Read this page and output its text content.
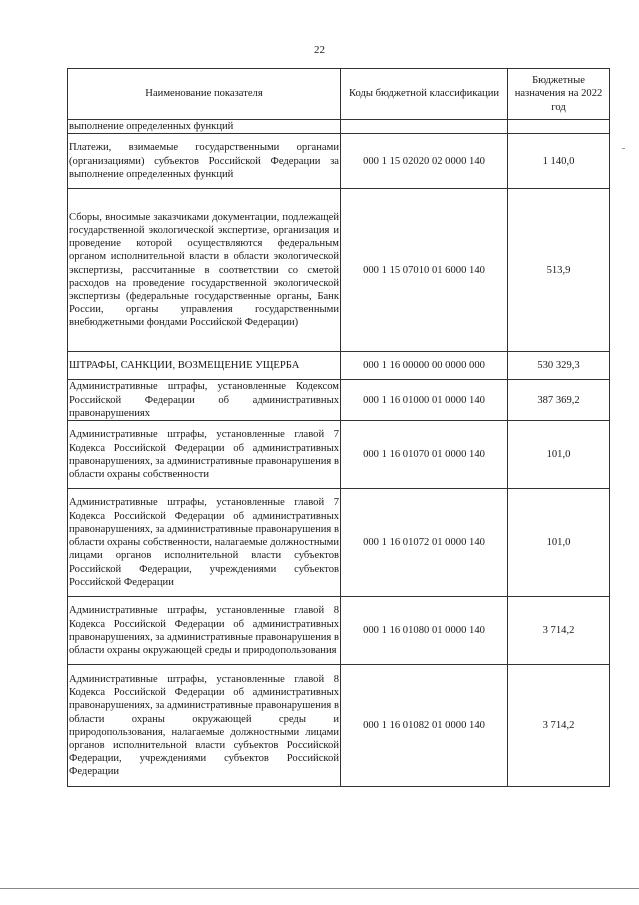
22
Наименование показателя	Коды бюджетной классификации	Бюджетные назначения на 2022 год
выполнение определенных функций		
Платежи, взимаемые государственными органами (организациями) субъектов Российской Федерации за выполнение определенных функций	000 1 15 02020 02 0000 140	1 140,0
Сборы, вносимые заказчиками документации, подлежащей государственной экологической экспертизе, организация и проведение которой осуществляются федеральным органом исполнительной власти в области экологической экспертизы, рассчитанные в соответствии со сметой расходов на проведение государственной экологической экспертизы (федеральные государственные органы, Банк России, органы управления государственными внебюджетными фондами Российской Федерации)	000 1 15 07010 01 6000 140	513,9
ШТРАФЫ, САНКЦИИ, ВОЗМЕЩЕНИЕ УЩЕРБА	000 1 16 00000 00 0000 000	530 329,3
Административные штрафы, установленные Кодексом Российской Федерации об административных правонарушениях	000 1 16 01000 01 0000 140	387 369,2
Административные штрафы, установленные главой 7 Кодекса Российской Федерации об административных правонарушениях, за административные правонарушения в области охраны собственности	000 1 16 01070 01 0000 140	101,0
Административные штрафы, установленные главой 7 Кодекса Российской Федерации об административных правонарушениях, за административные правонарушения в области охраны собственности, налагаемые должностными лицами органов исполнительной власти субъектов Российской Федерации, учреждениями субъектов Российской Федерации	000 1 16 01072 01 0000 140	101,0
Административные штрафы, установленные главой 8 Кодекса Российской Федерации об административных правонарушениях, за административные правонарушения в области охраны окружающей среды и природопользования	000 1 16 01080 01 0000 140	3 714,2
Административные штрафы, установленные главой 8 Кодекса Российской Федерации об административных правонарушениях, за административные правонарушения в области охраны окружающей среды и природопользования, налагаемые должностными лицами органов исполнительной власти субъектов Российской Федерации, учреждениями субъектов Российской Федерации	000 1 16 01082 01 0000 140	3 714,2
